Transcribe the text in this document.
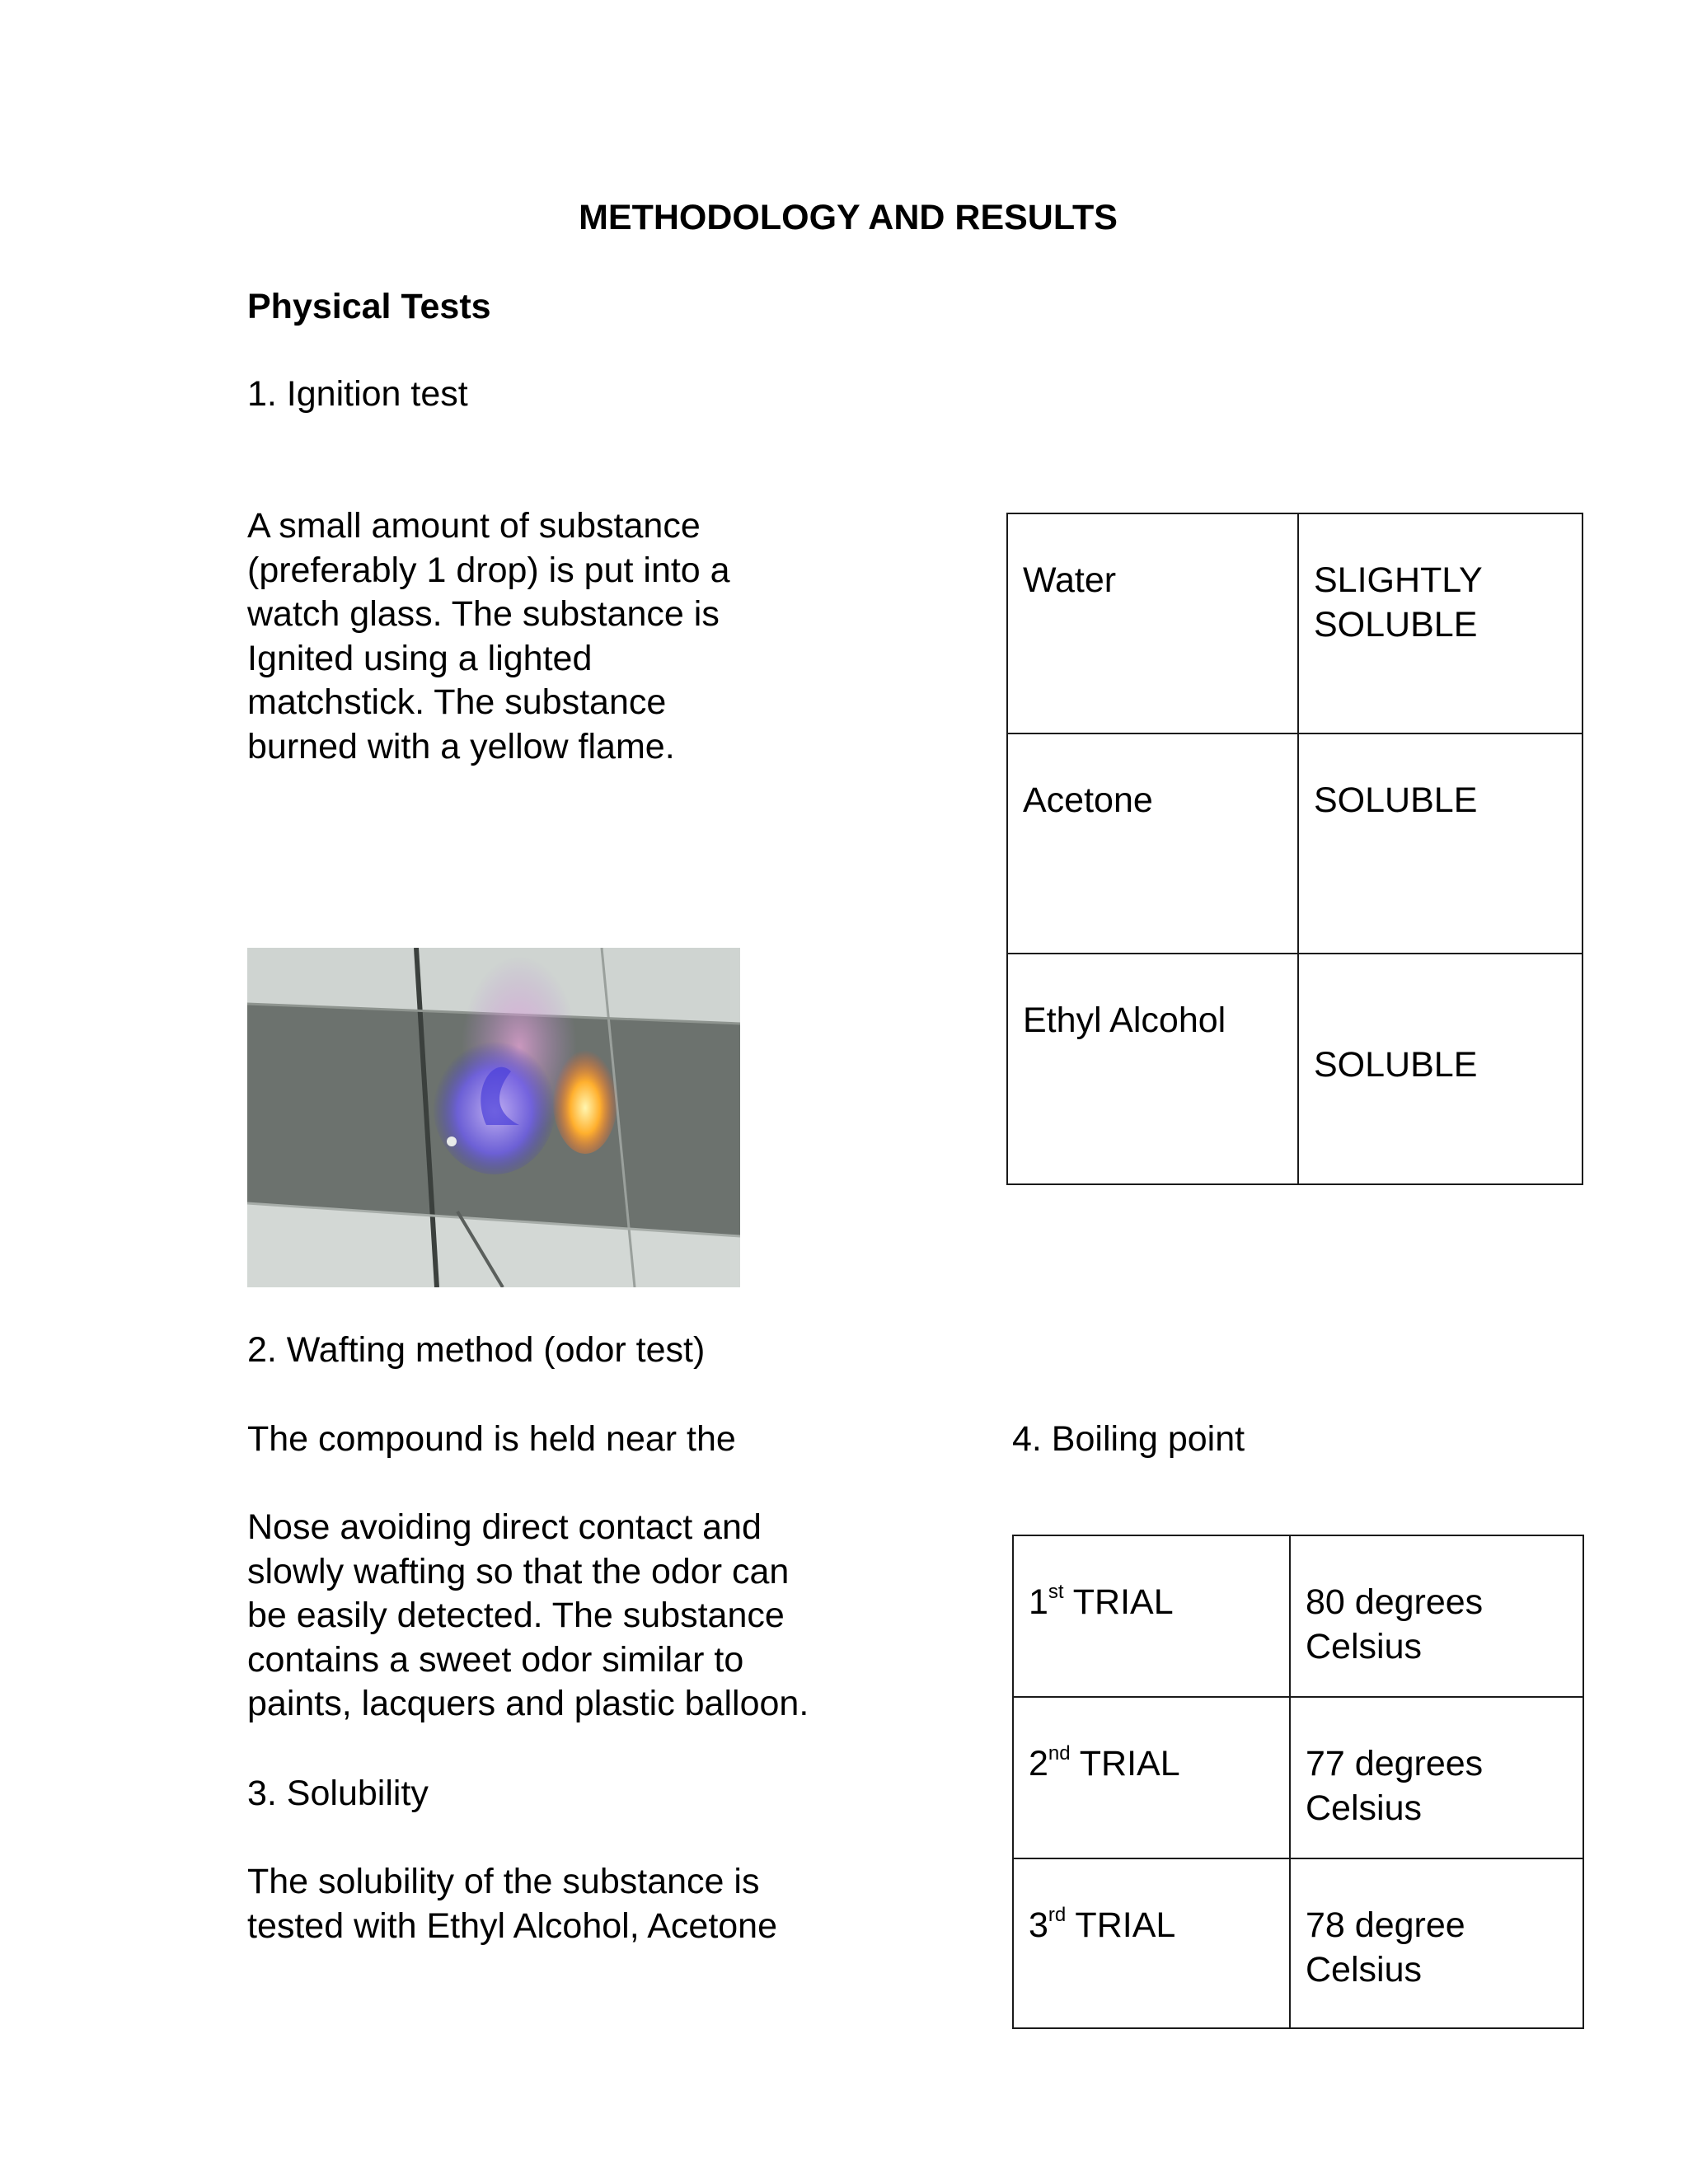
METHODOLOGY AND RESULTS
Physical Tests
1. Ignition test
A small amount of substance
(preferably 1 drop) is put into a
watch glass. The substance is
Ignited using a lighted
matchstick. The substance
burned with a yellow flame.
2. Wafting method (odor test)
The compound is held near the
Nose avoiding direct contact and
slowly wafting so that the odor can
be easily detected. The substance
contains a sweet odor similar to
paints, lacquers and plastic balloon.
3. Solubility
The solubility of the substance is
tested with Ethyl Alcohol, Acetone
Water	SLIGHTLY
SOLUBLE
Acetone	SOLUBLE
Ethyl Alcohol	SOLUBLE
4. Boiling point
1st TRIAL	80 degrees
Celsius
2nd TRIAL	77 degrees
Celsius
3rd TRIAL	78 degree
Celsius
